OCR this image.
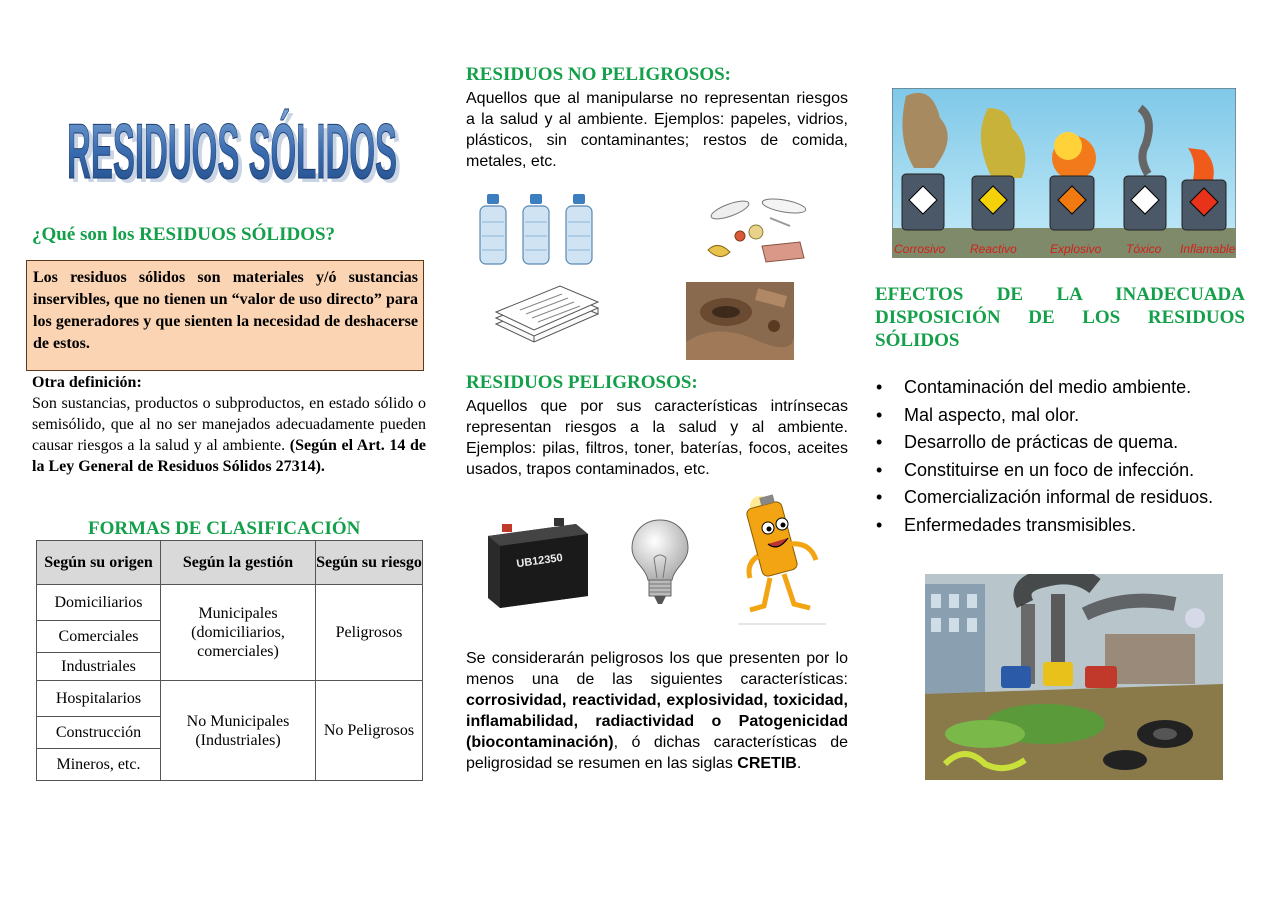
RESIDUOS SÓLIDOS
RESIDUOS SÓLIDOS
¿Qué son los RESIDUOS SÓLIDOS?
Los residuos sólidos son materiales y/ó sustancias inservibles, que no tienen un “valor de uso directo” para los generadores y que sienten la necesidad de deshacerse de estos.
Otra definición:
Son sustancias, productos o subproductos, en estado sólido o semisólido, que al no ser manejados adecuadamente pueden causar riesgos a la salud y al ambiente. (Según el Art. 14 de la Ley General de Residuos Sólidos 27314).
FORMAS DE CLASIFICACIÓN
Según su origen	Según la gestión	Según su riesgo
Domiciliarios	Municipales (domiciliarios, comerciales)	Peligrosos
Comerciales		
Industriales		
Hospitalarios	No Municipales (Industriales)	No Peligrosos
Construcción		
Mineros, etc.		
RESIDUOS NO PELIGROSOS:
Aquellos que al manipularse no representan riesgos a la salud y al ambiente. Ejemplos: papeles, vidrios, plásticos, sin contaminantes; restos de comida, metales, etc.
RESIDUOS PELIGROSOS:
Aquellos que por sus características intrínsecas representan riesgos a la salud y al ambiente. Ejemplos: pilas, filtros, toner, baterías, focos, aceites usados, trapos contaminados, etc.
UB12350
Se considerarán peligrosos los que presenten por lo menos una de las siguientes características: corrosividad, reactividad, explosividad, toxicidad, inflamabilidad, radiactividad o Patogenicidad (biocontaminación), ó dichas características de peligrosidad se resumen en las siglas CRETIB.
Corrosivo Reactivo	Explosivo Tóxico Inflamable
EFECTOS DE LA INADECUADA DISPOSICIÓN DE LOS RESIDUOS SÓLIDOS
• Contaminación del medio ambiente.
• Mal aspecto, mal olor.
• Desarrollo de prácticas de quema.
• Constituirse en un foco de infección.
• Comercialización informal de residuos.
• Enfermedades transmisibles.
